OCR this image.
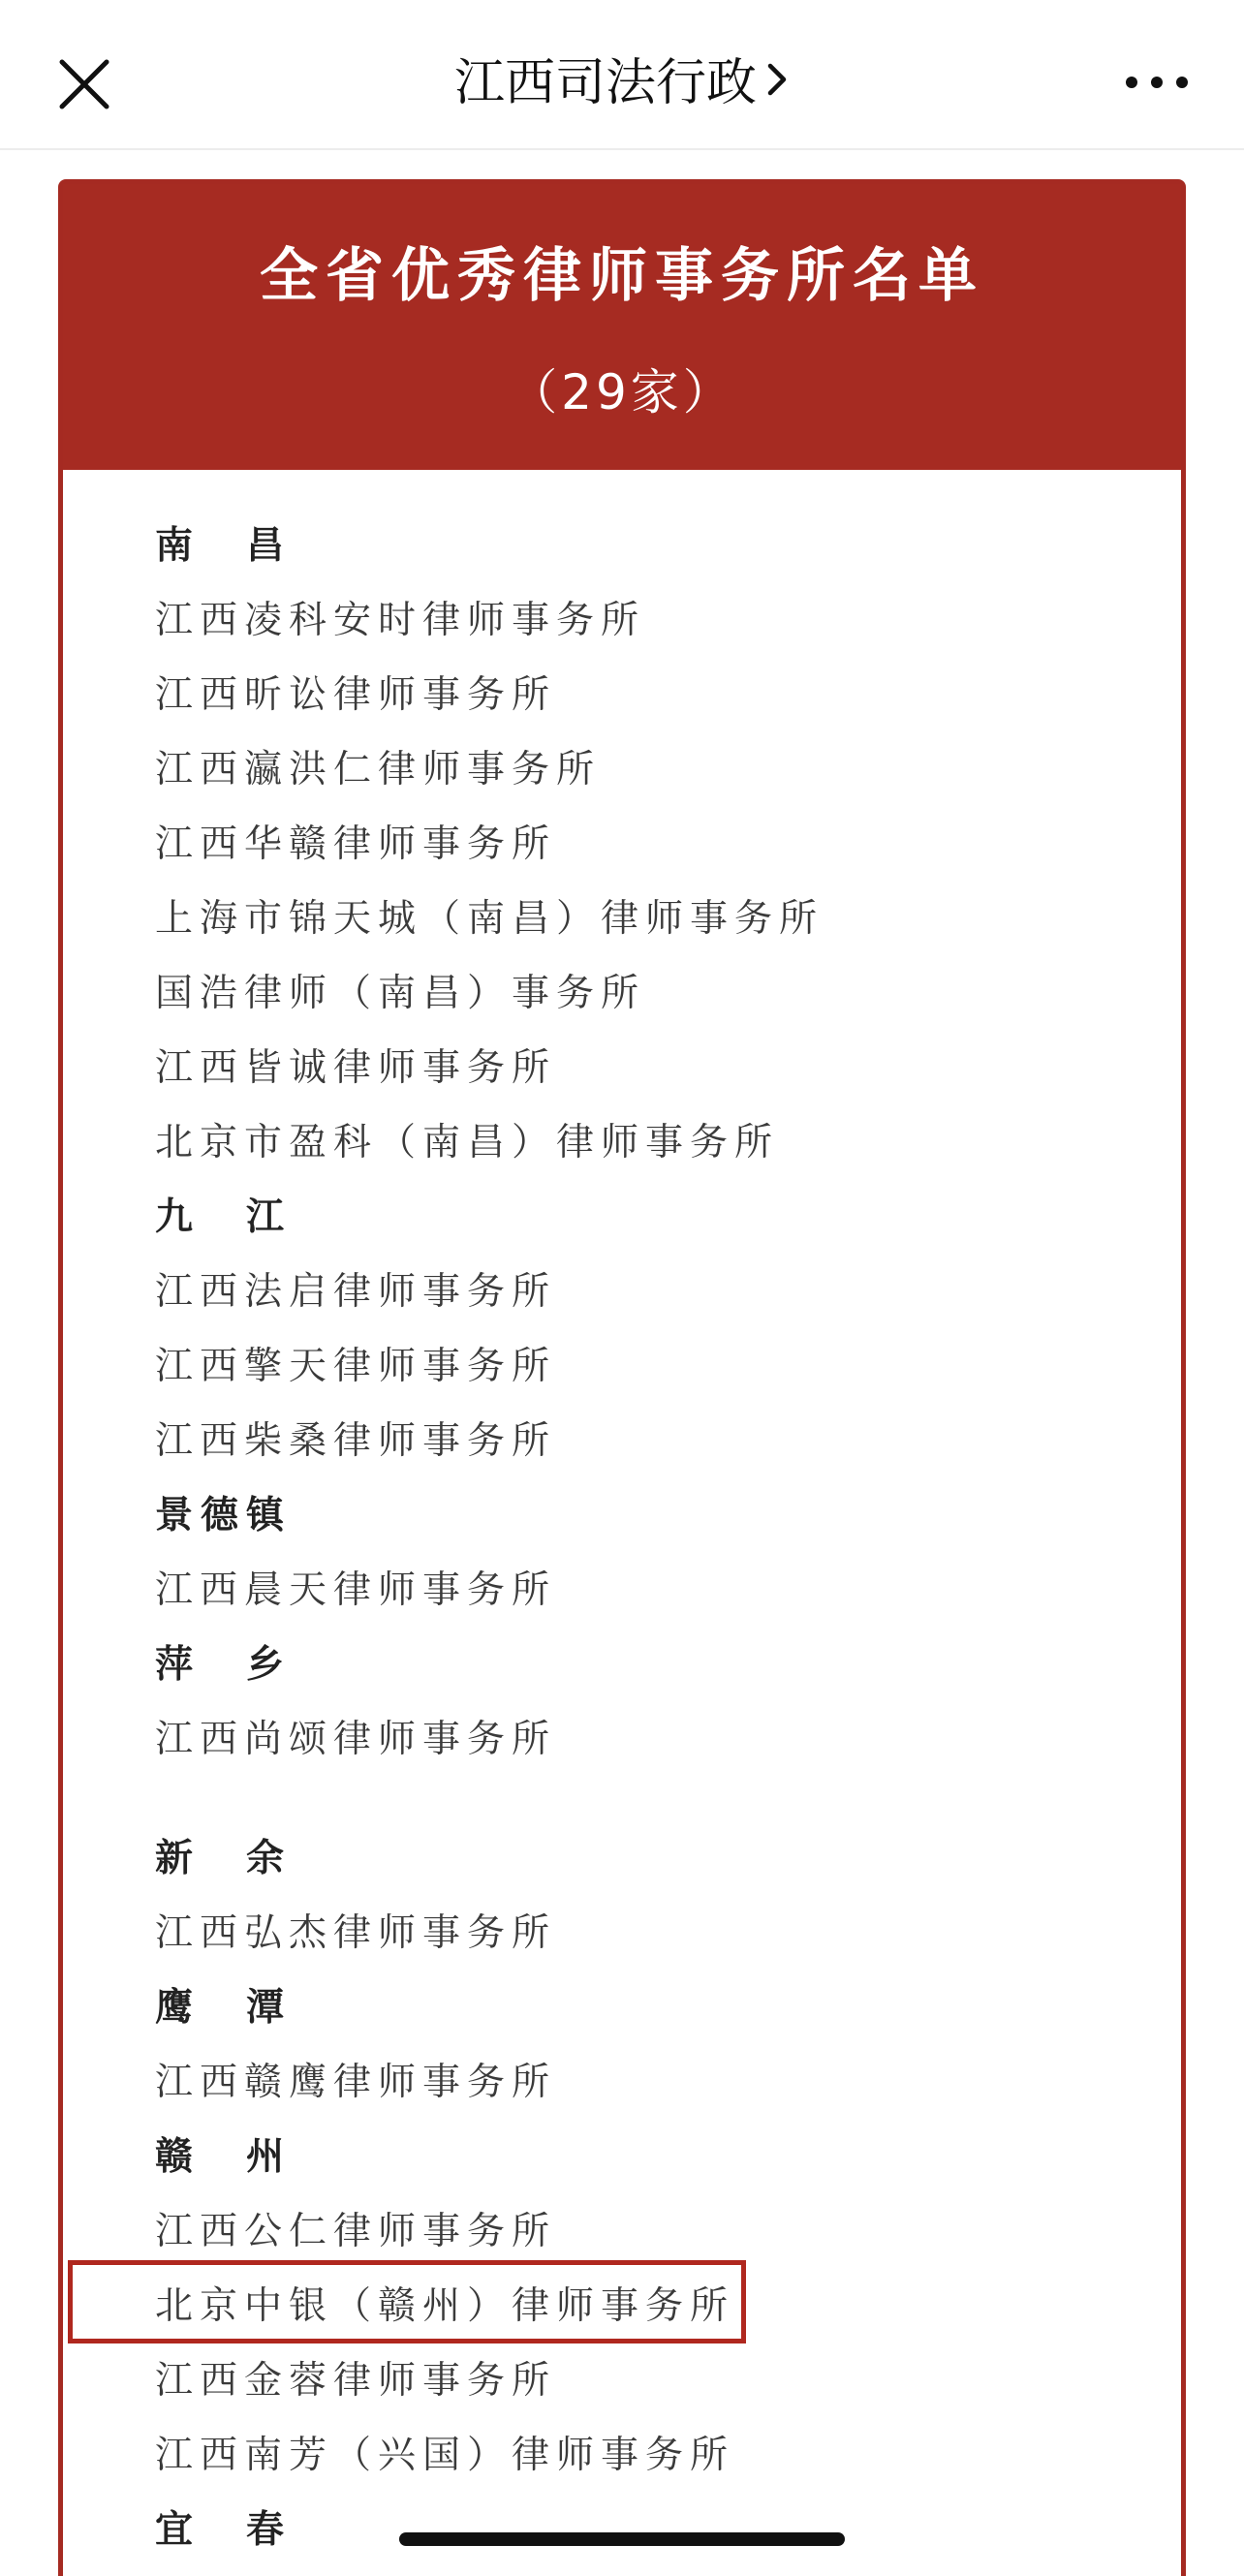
江西司法行政
全省优秀律师事务所名单
（29家）
南　昌
江西凌科安时律师事务所
江西昕讼律师事务所
江西瀛洪仁律师事务所
江西华赣律师事务所
上海市锦天城（南昌）律师事务所
国浩律师（南昌）事务所
江西皆诚律师事务所
北京市盈科（南昌）律师事务所
九　江
江西法启律师事务所
江西擎天律师事务所
江西柴桑律师事务所
景德镇
江西晨天律师事务所
萍　乡
江西尚颂律师事务所
新　余
江西弘杰律师事务所
鹰　潭
江西赣鹰律师事务所
赣　州
江西公仁律师事务所
北京中银（赣州）律师事务所
江西金蓉律师事务所
江西南芳（兴国）律师事务所
宜　春
